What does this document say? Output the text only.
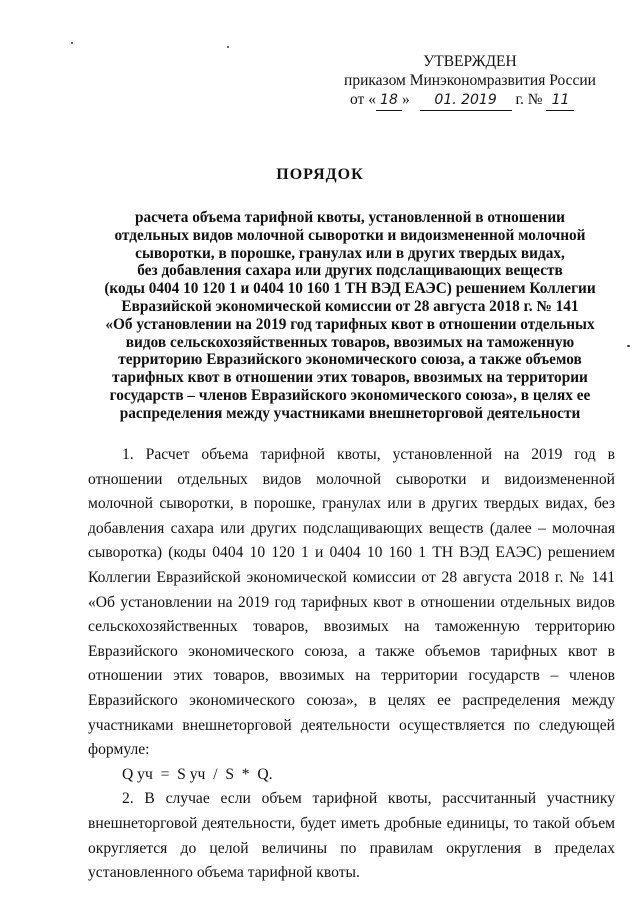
УТВЕРЖДЕН
приказом Минэкономразвития России
от « 18 » 01. 2019 г. № 11
ПОРЯДОК
расчета объема тарифной квоты, установленной в отношении
отдельных видов молочной сыворотки и видоизмененной молочной
сыворотки, в порошке, гранулах или в других твердых видах,
без добавления сахара или других подслащивающих веществ
(коды 0404 10 120 1 и 0404 10 160 1 ТН ВЭД ЕАЭС) решением Коллегии
Евразийской экономической комиссии от 28 августа 2018 г. № 141
«Об установлении на 2019 год тарифных квот в отношении отдельных
видов сельскохозяйственных товаров, ввозимых на таможенную
территорию Евразийского экономического союза, а также объемов
тарифных квот в отношении этих товаров, ввозимых на территории
государств – членов Евразийского экономического союза», в целях ее
распределения между участниками внешнеторговой деятельности

1. Расчет объема тарифной квоты, установленной на 2019 год в отношении отдельных видов молочной сыворотки и видоизмененной молочной сыворотки, в порошке, гранулах или в других твердых видах, без добавления сахара или других подслащивающих веществ (далее – молочная сыворотка) (коды 0404 10 120 1 и 0404 10 160 1 ТН ВЭД ЕАЭС) решением Коллегии Евразийской экономической комиссии от 28 августа 2018 г. № 141 «Об установлении на 2019 год тарифных квот в отношении отдельных видов сельскохозяйственных товаров, ввозимых на таможенную территорию Евразийского экономического союза, а также объемов тарифных квот в отношении этих товаров, ввозимых на территории государств – членов Евразийского экономического союза», в целях ее распределения между участниками внешнеторговой деятельности осуществляется по следующей формуле:

Q уч  =  S уч  /  S  *  Q.

2. В случае если объем тарифной квоты, рассчитанный участнику внешнеторговой деятельности, будет иметь дробные единицы, то такой объем округляется до целой величины по правилам округления в пределах установленного объема тарифной квоты.
